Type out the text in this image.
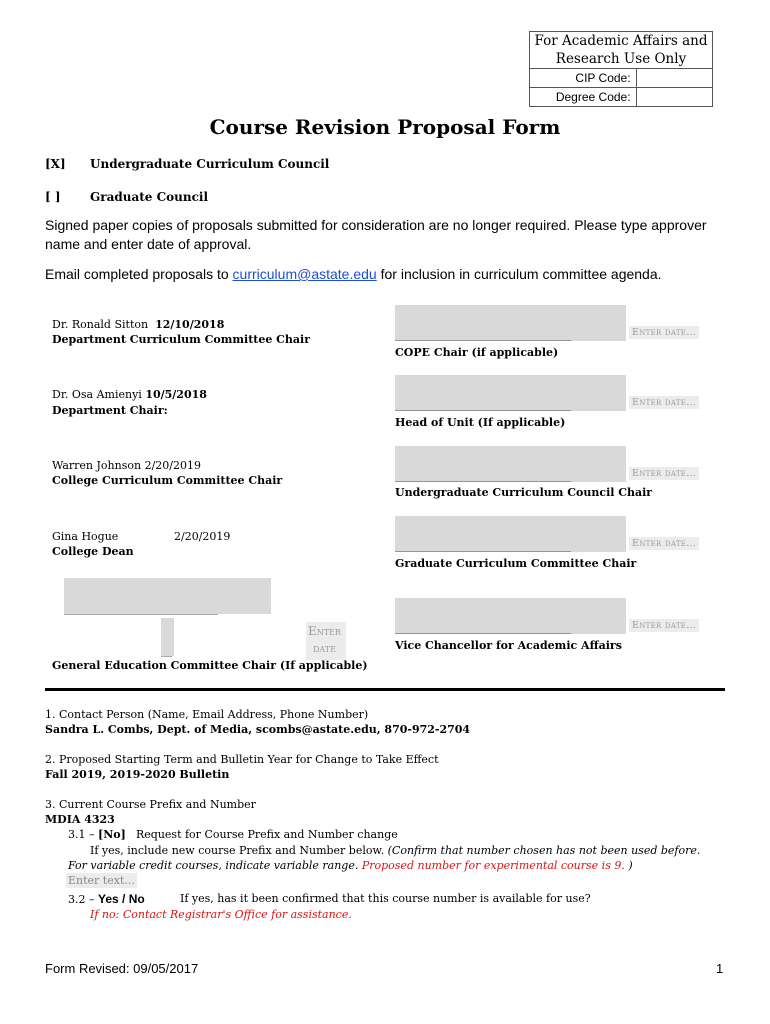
For Academic Affairs and Research Use Only	
CIP Code:	
Degree Code:	
Course Revision Proposal Form
[X] Undergraduate Curriculum Council
[ ] Graduate Council
Signed paper copies of proposals submitted for consideration are no longer required. Please type approver name and enter date of approval.
Email completed proposals to curriculum@astate.edu for inclusion in curriculum committee agenda.
Dr. Ronald Sitton 12/10/2018
Department Curriculum Committee Chair
Dr. Osa Amienyi 10/5/2018
Department Chair:
Warren Johnson 2/20/2019
College Curriculum Committee Chair
Gina Hogue	2/20/2019
College Dean
____________________________
__
Enter
date
General Education Committee Chair (If applicable)
________________________________	Enter date...
COPE Chair (if applicable)
________________________________	Enter date...
Head of Unit (If applicable)
________________________________	Enter date...
Undergraduate Curriculum Council Chair
________________________________	Enter date...
Graduate Curriculum Committee Chair
________________________________	Enter date...
Vice Chancellor for Academic Affairs
1. Contact Person (Name, Email Address, Phone Number)
Sandra L. Combs, Dept. of Media, scombs@astate.edu, 870-972-2704
2. Proposed Starting Term and Bulletin Year for Change to Take Effect
Fall 2019, 2019-2020 Bulletin
3. Current Course Prefix and Number
MDIA 4323
3.1 – [No] Request for Course Prefix and Number change
If yes, include new course Prefix and Number below. (Confirm that number chosen has not been used before. For variable credit courses, indicate variable range. Proposed number for experimental course is 9. )
Enter text...
3.2 – Yes / No	If yes, has it been confirmed that this course number is available for use?
If no: Contact Registrar's Office for assistance.
Form Revised: 09/05/2017	1
